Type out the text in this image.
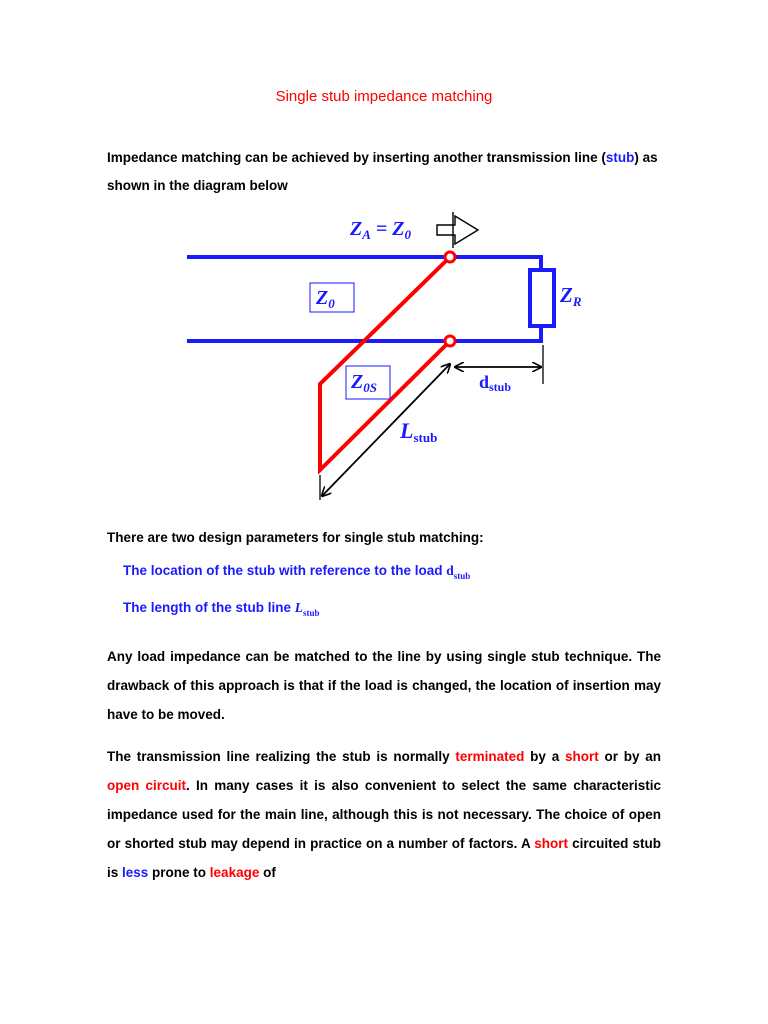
Single stub impedance matching
Impedance matching can be achieved by inserting another transmission line (stub) as shown in the diagram below
$Z_A = Z_0$
$Z_0$
$Z_{0S}$
ZR
dstub
Lstub
There are two design parameters for single stub matching:
The location of the stub with reference to the load $d_{stub}$
The length of the stub line $L_{stub}$
Any load impedance can be matched to the line by using single stub technique. The drawback of this approach is that if the load is changed, the location of insertion may have to be moved.
The transmission line realizing the stub is normally terminated by a short or by an open circuit. In many cases it is also convenient to select the same characteristic impedance used for the main line, although this is not necessary. The choice of open or shorted stub may depend in practice on a number of factors. A short circuited stub is less prone to leakage of
